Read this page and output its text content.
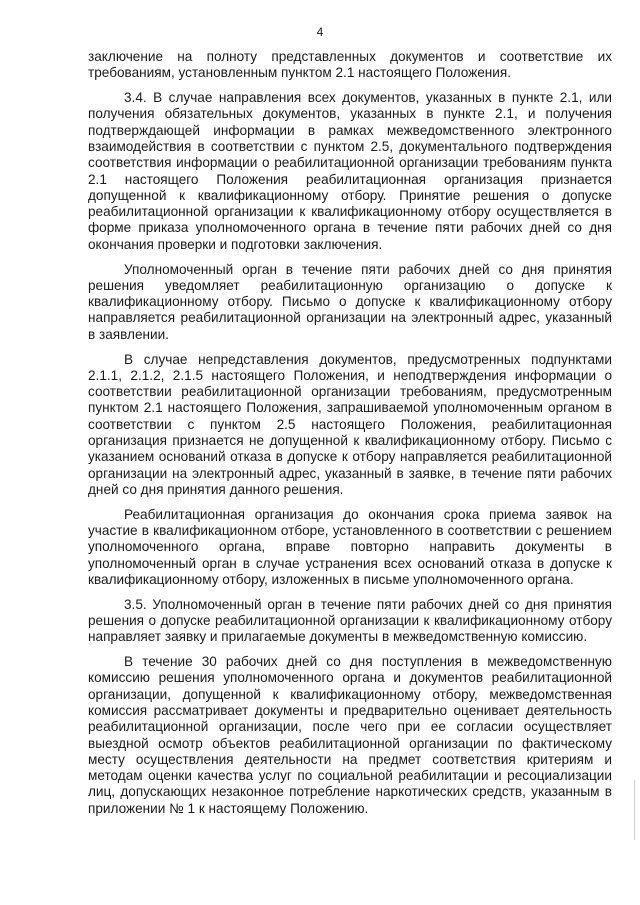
4

заключение на полноту представленных документов и соответствие их требованиям, установленным пунктом 2.1 настоящего Положения.

3.4. В случае направления всех документов, указанных в пункте 2.1, или получения обязательных документов, указанных в пункте 2.1, и получения подтверждающей информации в рамках межведомственного электронного взаимодействия в соответствии с пунктом 2.5, документального подтверждения соответствия информации о реабилитационной организации требованиям пункта 2.1 настоящего Положения реабилитационная организация признается допущенной к квалификационному отбору. Принятие решения о допуске реабилитационной организации к квалификационному отбору осуществляется в форме приказа уполномоченного органа в течение пяти рабочих дней со дня окончания проверки и подготовки заключения.

Уполномоченный орган в течение пяти рабочих дней со дня принятия решения уведомляет реабилитационную организацию о допуске к квалификационному отбору. Письмо о допуске к квалификационному отбору направляется реабилитационной организации на электронный адрес, указанный в заявлении.

В случае непредставления документов, предусмотренных подпунктами 2.1.1, 2.1.2, 2.1.5 настоящего Положения, и неподтверждения информации о соответствии реабилитационной организации требованиям, предусмотренным пунктом 2.1 настоящего Положения, запрашиваемой уполномоченным органом в соответствии с пунктом 2.5 настоящего Положения, реабилитационная организация признается не допущенной к квалификационному отбору. Письмо с указанием оснований отказа в допуске к отбору направляется реабилитационной организации на электронный адрес, указанный в заявке, в течение пяти рабочих дней со дня принятия данного решения.

Реабилитационная организация до окончания срока приема заявок на участие в квалификационном отборе, установленного в соответствии с решением уполномоченного органа, вправе повторно направить документы в уполномоченный орган в случае устранения всех оснований отказа в допуске к квалификационному отбору, изложенных в письме уполномоченного органа.

3.5. Уполномоченный орган в течение пяти рабочих дней со дня принятия решения о допуске реабилитационной организации к квалификационному отбору направляет заявку и прилагаемые документы в межведомственную комиссию.

В течение 30 рабочих дней со дня поступления в межведомственную комиссию решения уполномоченного органа и документов реабилитационной организации, допущенной к квалификационному отбору, межведомственная комиссия рассматривает документы и предварительно оценивает деятельность реабилитационной организации, после чего при ее согласии осуществляет выездной осмотр объектов реабилитационной организации по фактическому месту осуществления деятельности на предмет соответствия критериям и методам оценки качества услуг по социальной реабилитации и ресоциализации лиц, допускающих незаконное потребление наркотических средств, указанным в приложении № 1 к настоящему Положению.
